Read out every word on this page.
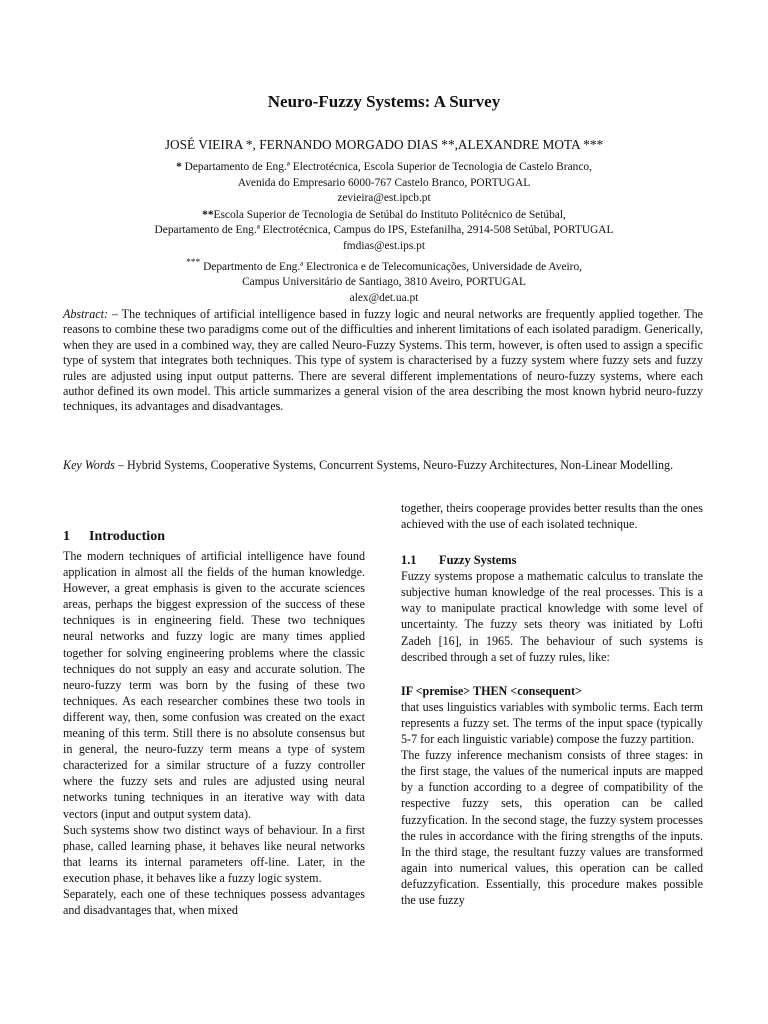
Neuro-Fuzzy Systems: A Survey

JOSÉ VIEIRA *, FERNANDO MORGADO DIAS **,ALEXANDRE MOTA ***

* Departamento de Eng.ª Electrotécnica, Escola Superior de Tecnologia de Castelo Branco,
Avenida do Empresario 6000-767 Castelo Branco, PORTUGAL
zevieira@est.ipcb.pt
**Escola Superior de Tecnologia de Setúbal do Instituto Politécnico de Setúbal,
Departamento de Eng.ª Electrotécnica, Campus do IPS, Estefanilha, 2914-508 Setúbal, PORTUGAL
fmdias@est.ips.pt
*** Departmento de Eng.ª Electronica e de Telecomunicações, Universidade de Aveiro,
Campus Universitário de Santiago, 3810 Aveiro, PORTUGAL
alex@det.ua.pt

Abstract: – The techniques of artificial intelligence based in fuzzy logic and neural networks are frequently applied together. The reasons to combine these two paradigms come out of the difficulties and inherent limitations of each isolated paradigm. Generically, when they are used in a combined way, they are called Neuro-Fuzzy Systems. This term, however, is often used to assign a specific type of system that integrates both techniques. This type of system is characterised by a fuzzy system where fuzzy sets and fuzzy rules are adjusted using input output patterns. There are several different implementations of neuro-fuzzy systems, where each author defined its own model. This article summarizes a general vision of the area describing the most known hybrid neuro-fuzzy techniques, its advantages and disadvantages.

Key Words – Hybrid Systems, Cooperative Systems, Concurrent Systems, Neuro-Fuzzy Architectures, Non-Linear Modelling.

1 Introduction

The modern techniques of artificial intelligence have found application in almost all the fields of the human knowledge. However, a great emphasis is given to the accurate sciences areas, perhaps the biggest expression of the success of these techniques is in engineering field. These two techniques neural networks and fuzzy logic are many times applied together for solving engineering problems where the classic techniques do not supply an easy and accurate solution. The neuro-fuzzy term was born by the fusing of these two techniques. As each researcher combines these two tools in different way, then, some confusion was created on the exact meaning of this term. Still there is no absolute consensus but in general, the neuro-fuzzy term means a type of system characterized for a similar structure of a fuzzy controller where the fuzzy sets and rules are adjusted using neural networks tuning techniques in an iterative way with data vectors (input and output system data).

Such systems show two distinct ways of behaviour. In a first phase, called learning phase, it behaves like neural networks that learns its internal parameters off-line. Later, in the execution phase, it behaves like a fuzzy logic system.

Separately, each one of these techniques possess advantages and disadvantages that, when mixed

together, theirs cooperage provides better results than the ones achieved with the use of each isolated technique.

1.1 Fuzzy Systems

Fuzzy systems propose a mathematic calculus to translate the subjective human knowledge of the real processes. This is a way to manipulate practical knowledge with some level of uncertainty. The fuzzy sets theory was initiated by Lofti Zadeh [16], in 1965. The behaviour of such systems is described through a set of fuzzy rules, like:

IF <premise> THEN <consequent>

that uses linguistics variables with symbolic terms. Each term represents a fuzzy set. The terms of the input space (typically 5-7 for each linguistic variable) compose the fuzzy partition.

The fuzzy inference mechanism consists of three stages: in the first stage, the values of the numerical inputs are mapped by a function according to a degree of compatibility of the respective fuzzy sets, this operation can be called fuzzyfication. In the second stage, the fuzzy system processes the rules in accordance with the firing strengths of the inputs. In the third stage, the resultant fuzzy values are transformed again into numerical values, this operation can be called defuzzyfication. Essentially, this procedure makes possible the use fuzzy
